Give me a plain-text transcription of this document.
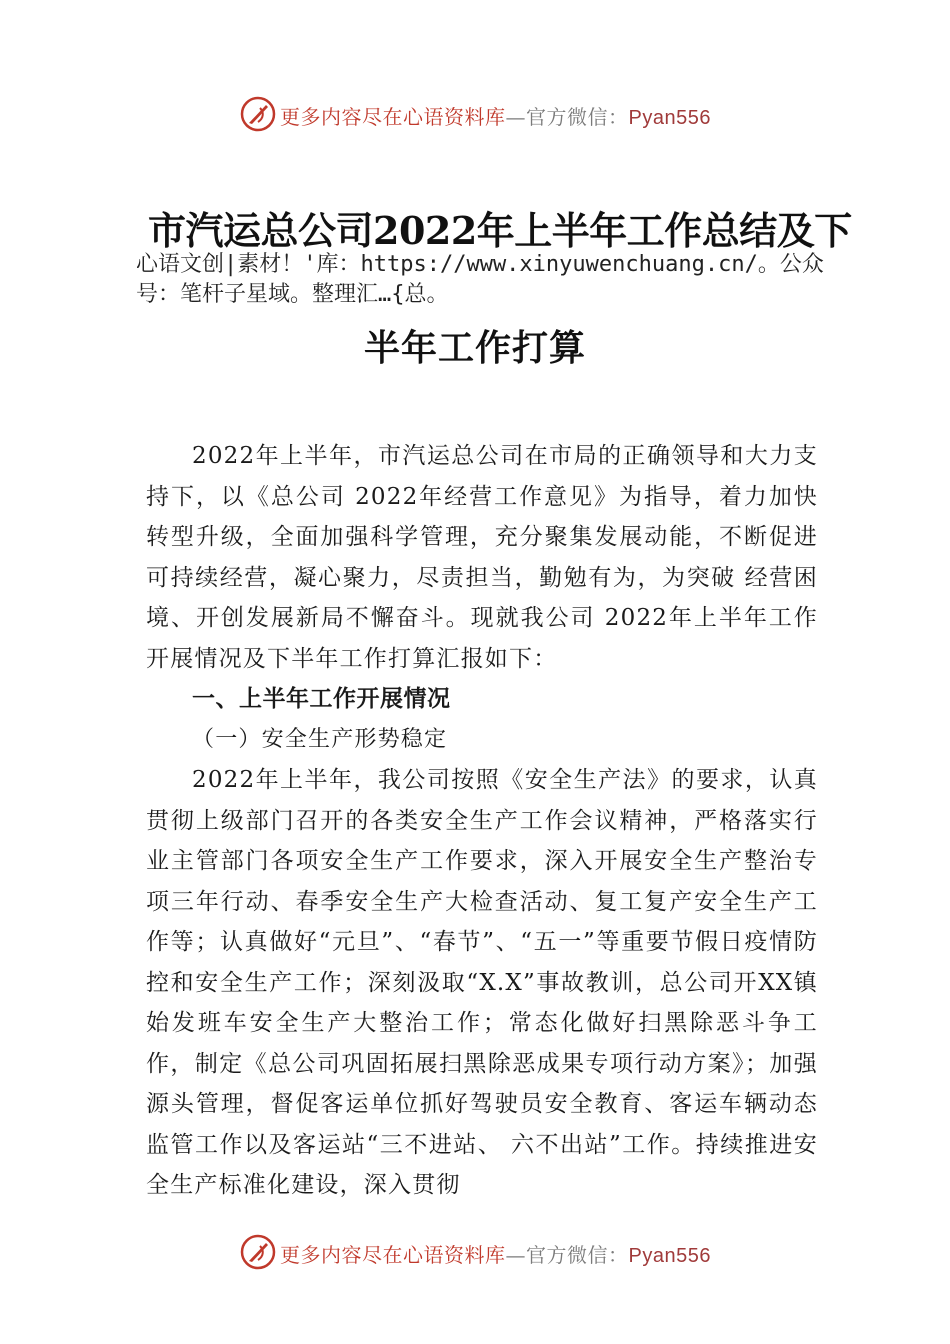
更多内容尽在心语资料库—官方微信：Pyan556
市汽运总公司2022年上半年工作总结及下
心语文创|素材！'库：https://www.xinyuwenchuang.cn/。公众号：笔杆子星域。整理汇…{总。
半年工作打算

2022年上半年，市汽运总公司在市局的正确领导和大力支持下，以《总公司 2022年经营工作意见》为指导，着力加快转型升级，全面加强科学管理，充分聚集发展动能，不断促进可持续经营，凝心聚力，尽责担当，勤勉有为，为突破 经营困境、开创发展新局不懈奋斗。现就我公司 2022年上半年工作开展情况及下半年工作打算汇报如下：

一、上半年工作开展情况

（一）安全生产形势稳定

2022年上半年，我公司按照《安全生产法》的要求，认真贯彻上级部门召开的各类安全生产工作会议精神，严格落实行业主管部门各项安全生产工作要求，深入开展安全生产整治专项三年行动、春季安全生产大检查活动、复工复产安全生产工作等；认真做好“元旦”、“春节”、“五一”等重要节假日疫情防控和安全生产工作；深刻汲取“X.X”事故教训，总公司开XX镇始发班车安全生产大整治工作；常态化做好扫黑除恶斗争工作，制定《总公司巩固拓展扫黑除恶成果专项行动方案》；加强源头管理，督促客运单位抓好驾驶员安全教育、客运车辆动态监管工作以及客运站“三不进站、 六不出站”工作。持续推进安全生产标准化建设，深入贯彻

更多内容尽在心语资料库—官方微信：Pyan556
